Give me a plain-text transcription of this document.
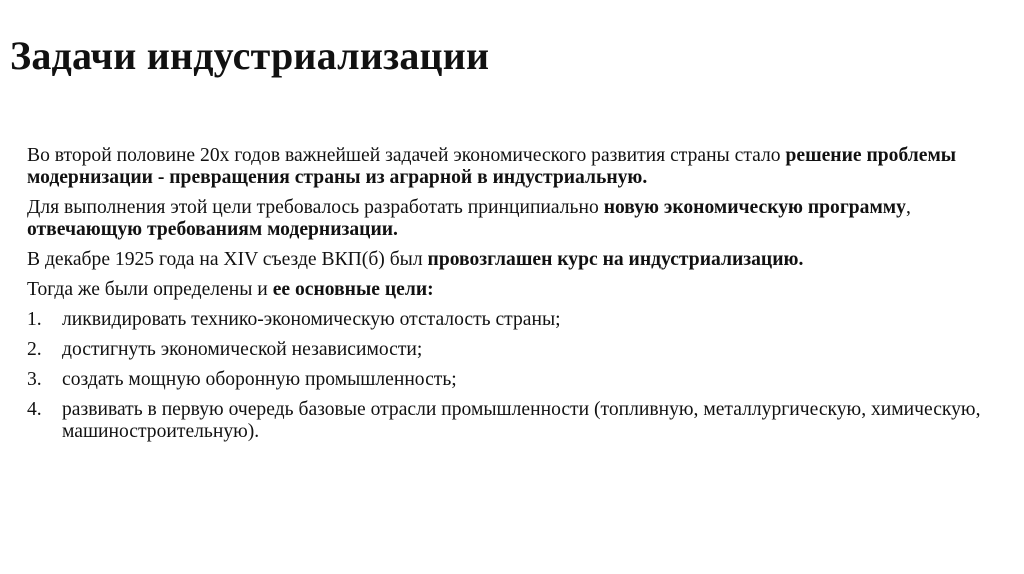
Задачи индустриализации

Во второй половине 20х годов важнейшей задачей экономического развития страны стало решение проблемы модернизации - превращения страны из аграрной в индустриальную.

Для выполнения этой цели требовалось разработать принципиально новую экономическую программу, отвечающую требованиям модернизации.

В декабре 1925 года на XIV съезде ВКП(б) был провозглашен курс на индустриализацию.

Тогда же были определены и ее основные цели:

1.	ликвидировать технико-экономическую отсталость страны;
2.	достигнуть экономической независимости;
3.	создать мощную оборонную промышленность;
4.	развивать в первую очередь базовые отрасли промышленности (топливную, металлургическую, химическую, машиностроительную).
